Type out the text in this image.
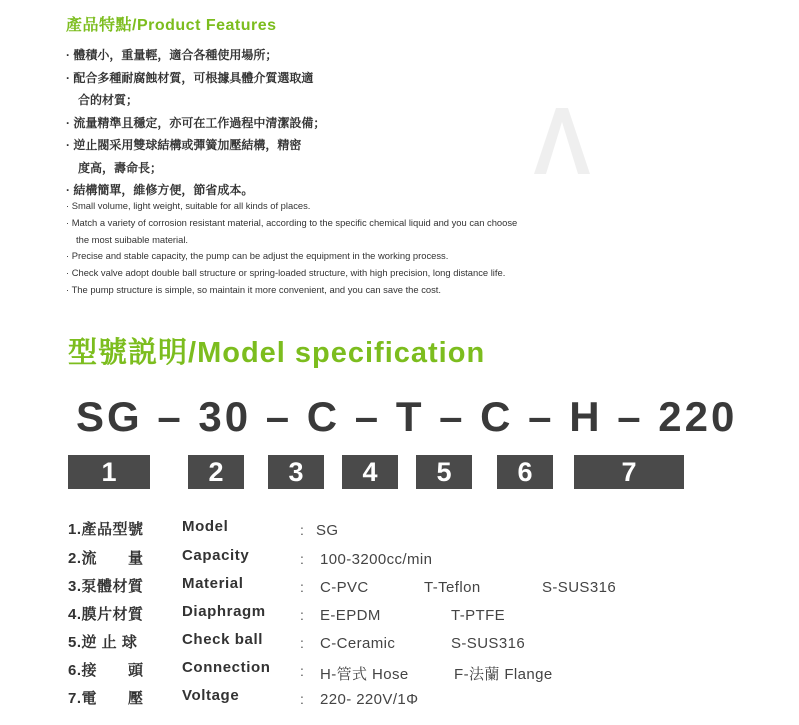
產品特點/Product Features
· 體積小，重量輕，適合各種使用場所；
· 配合多種耐腐蝕材質，可根據具體介質選取適
合的材質；
· 流量精準且穩定，亦可在工作過程中清潔設備；
· 逆止閥采用雙球結構或彈簧加壓結構，精密
度高，壽命長；
· 結構簡單，維修方便，節省成本。
· Small volume, light weight, suitable for all kinds of places.
· Match a variety of corrosion resistant material, according to the specific chemical liquid and you can choose
the most suibable material.
· Precise and stable capacity, the pump can be adjust the equipment in the working process.
· Check valve adopt double ball structure or spring-loaded structure, with high precision, long distance life.
· The pump structure is simple, so maintain it more convenient, and you can save the cost.
型號説明/Model specification
SG – 30 – C – T – C – H – 220
1	2	3	4	5	6	7
1.產品型號	Model	: SG
2.流　　量	Capacity	: 100-3200cc/min
3.泵體材質	Material	: C-PVC	T-Teflon	S-SUS316
4.膜片材質	Diaphragm : E-EPDM	T-PTFE
5.逆 止 球	Check ball	: C-Ceramic	S-SUS316
6.接　　頭	Connection : H-管式 Hose	F-法蘭 Flange
7.電　　壓	Voltage	: 220- 220V/1Φ
